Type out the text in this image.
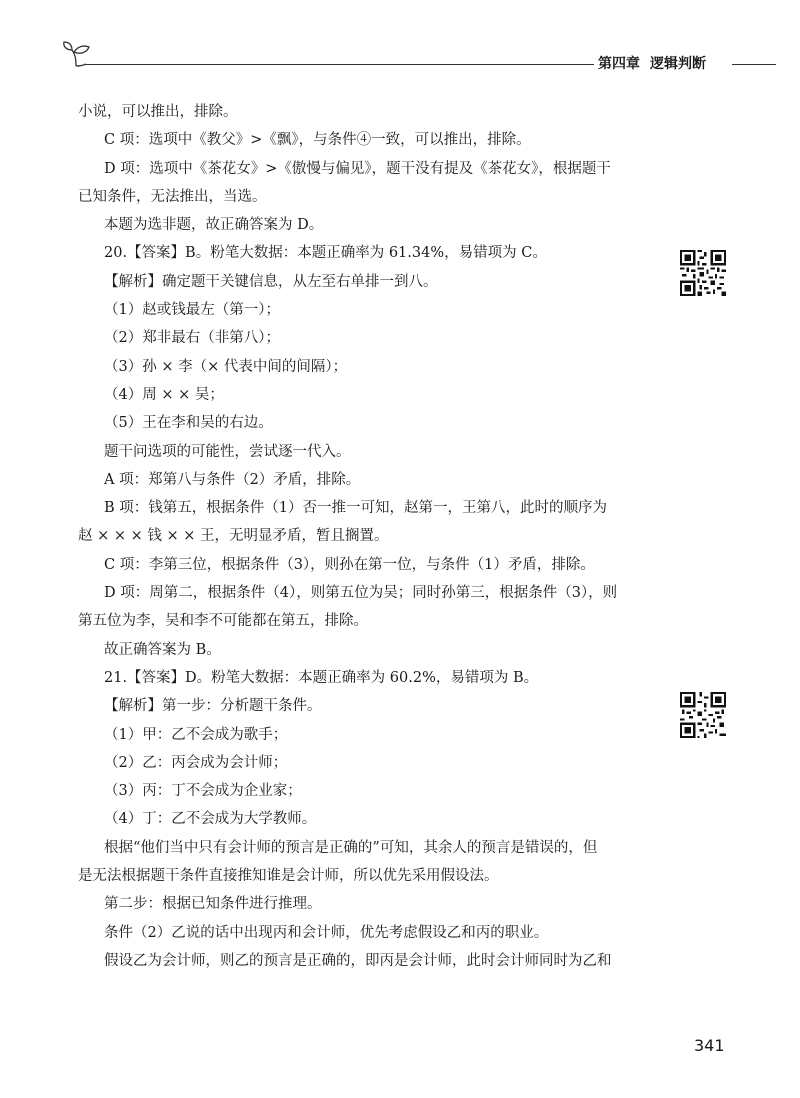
第四章 逻辑判断
小说，可以推出，排除。
C 项：选项中《教父》>《飘》，与条件④一致，可以推出，排除。
D 项：选项中《茶花女》>《傲慢与偏见》，题干没有提及《茶花女》，根据题干
已知条件，无法推出，当选。
本题为选非题，故正确答案为 D。
20.【答案】B。粉笔大数据：本题正确率为 61.34%，易错项为 C。
【解析】确定题干关键信息，从左至右单排一到八。
（1）赵或钱最左（第一）；
（2）郑非最右（非第八）；
（3）孙 × 李（× 代表中间的间隔）；
（4）周 × × 吴；
（5）王在李和吴的右边。
题干问选项的可能性，尝试逐一代入。
A 项：郑第八与条件（2）矛盾，排除。
B 项：钱第五，根据条件（1）否一推一可知，赵第一，王第八，此时的顺序为
赵 × × × 钱 × × 王，无明显矛盾，暂且搁置。
C 项：李第三位，根据条件（3），则孙在第一位，与条件（1）矛盾，排除。
D 项：周第二，根据条件（4），则第五位为吴；同时孙第三，根据条件（3），则
第五位为李，吴和李不可能都在第五，排除。
故正确答案为 B。
21.【答案】D。粉笔大数据：本题正确率为 60.2%，易错项为 B。
【解析】第一步：分析题干条件。
（1）甲：乙不会成为歌手；
（2）乙：丙会成为会计师；
（3）丙：丁不会成为企业家；
（4）丁：乙不会成为大学教师。
根据“他们当中只有会计师的预言是正确的”可知，其余人的预言是错误的，但
是无法根据题干条件直接推知谁是会计师，所以优先采用假设法。
第二步：根据已知条件进行推理。
条件（2）乙说的话中出现丙和会计师，优先考虑假设乙和丙的职业。
假设乙为会计师，则乙的预言是正确的，即丙是会计师，此时会计师同时为乙和
341
